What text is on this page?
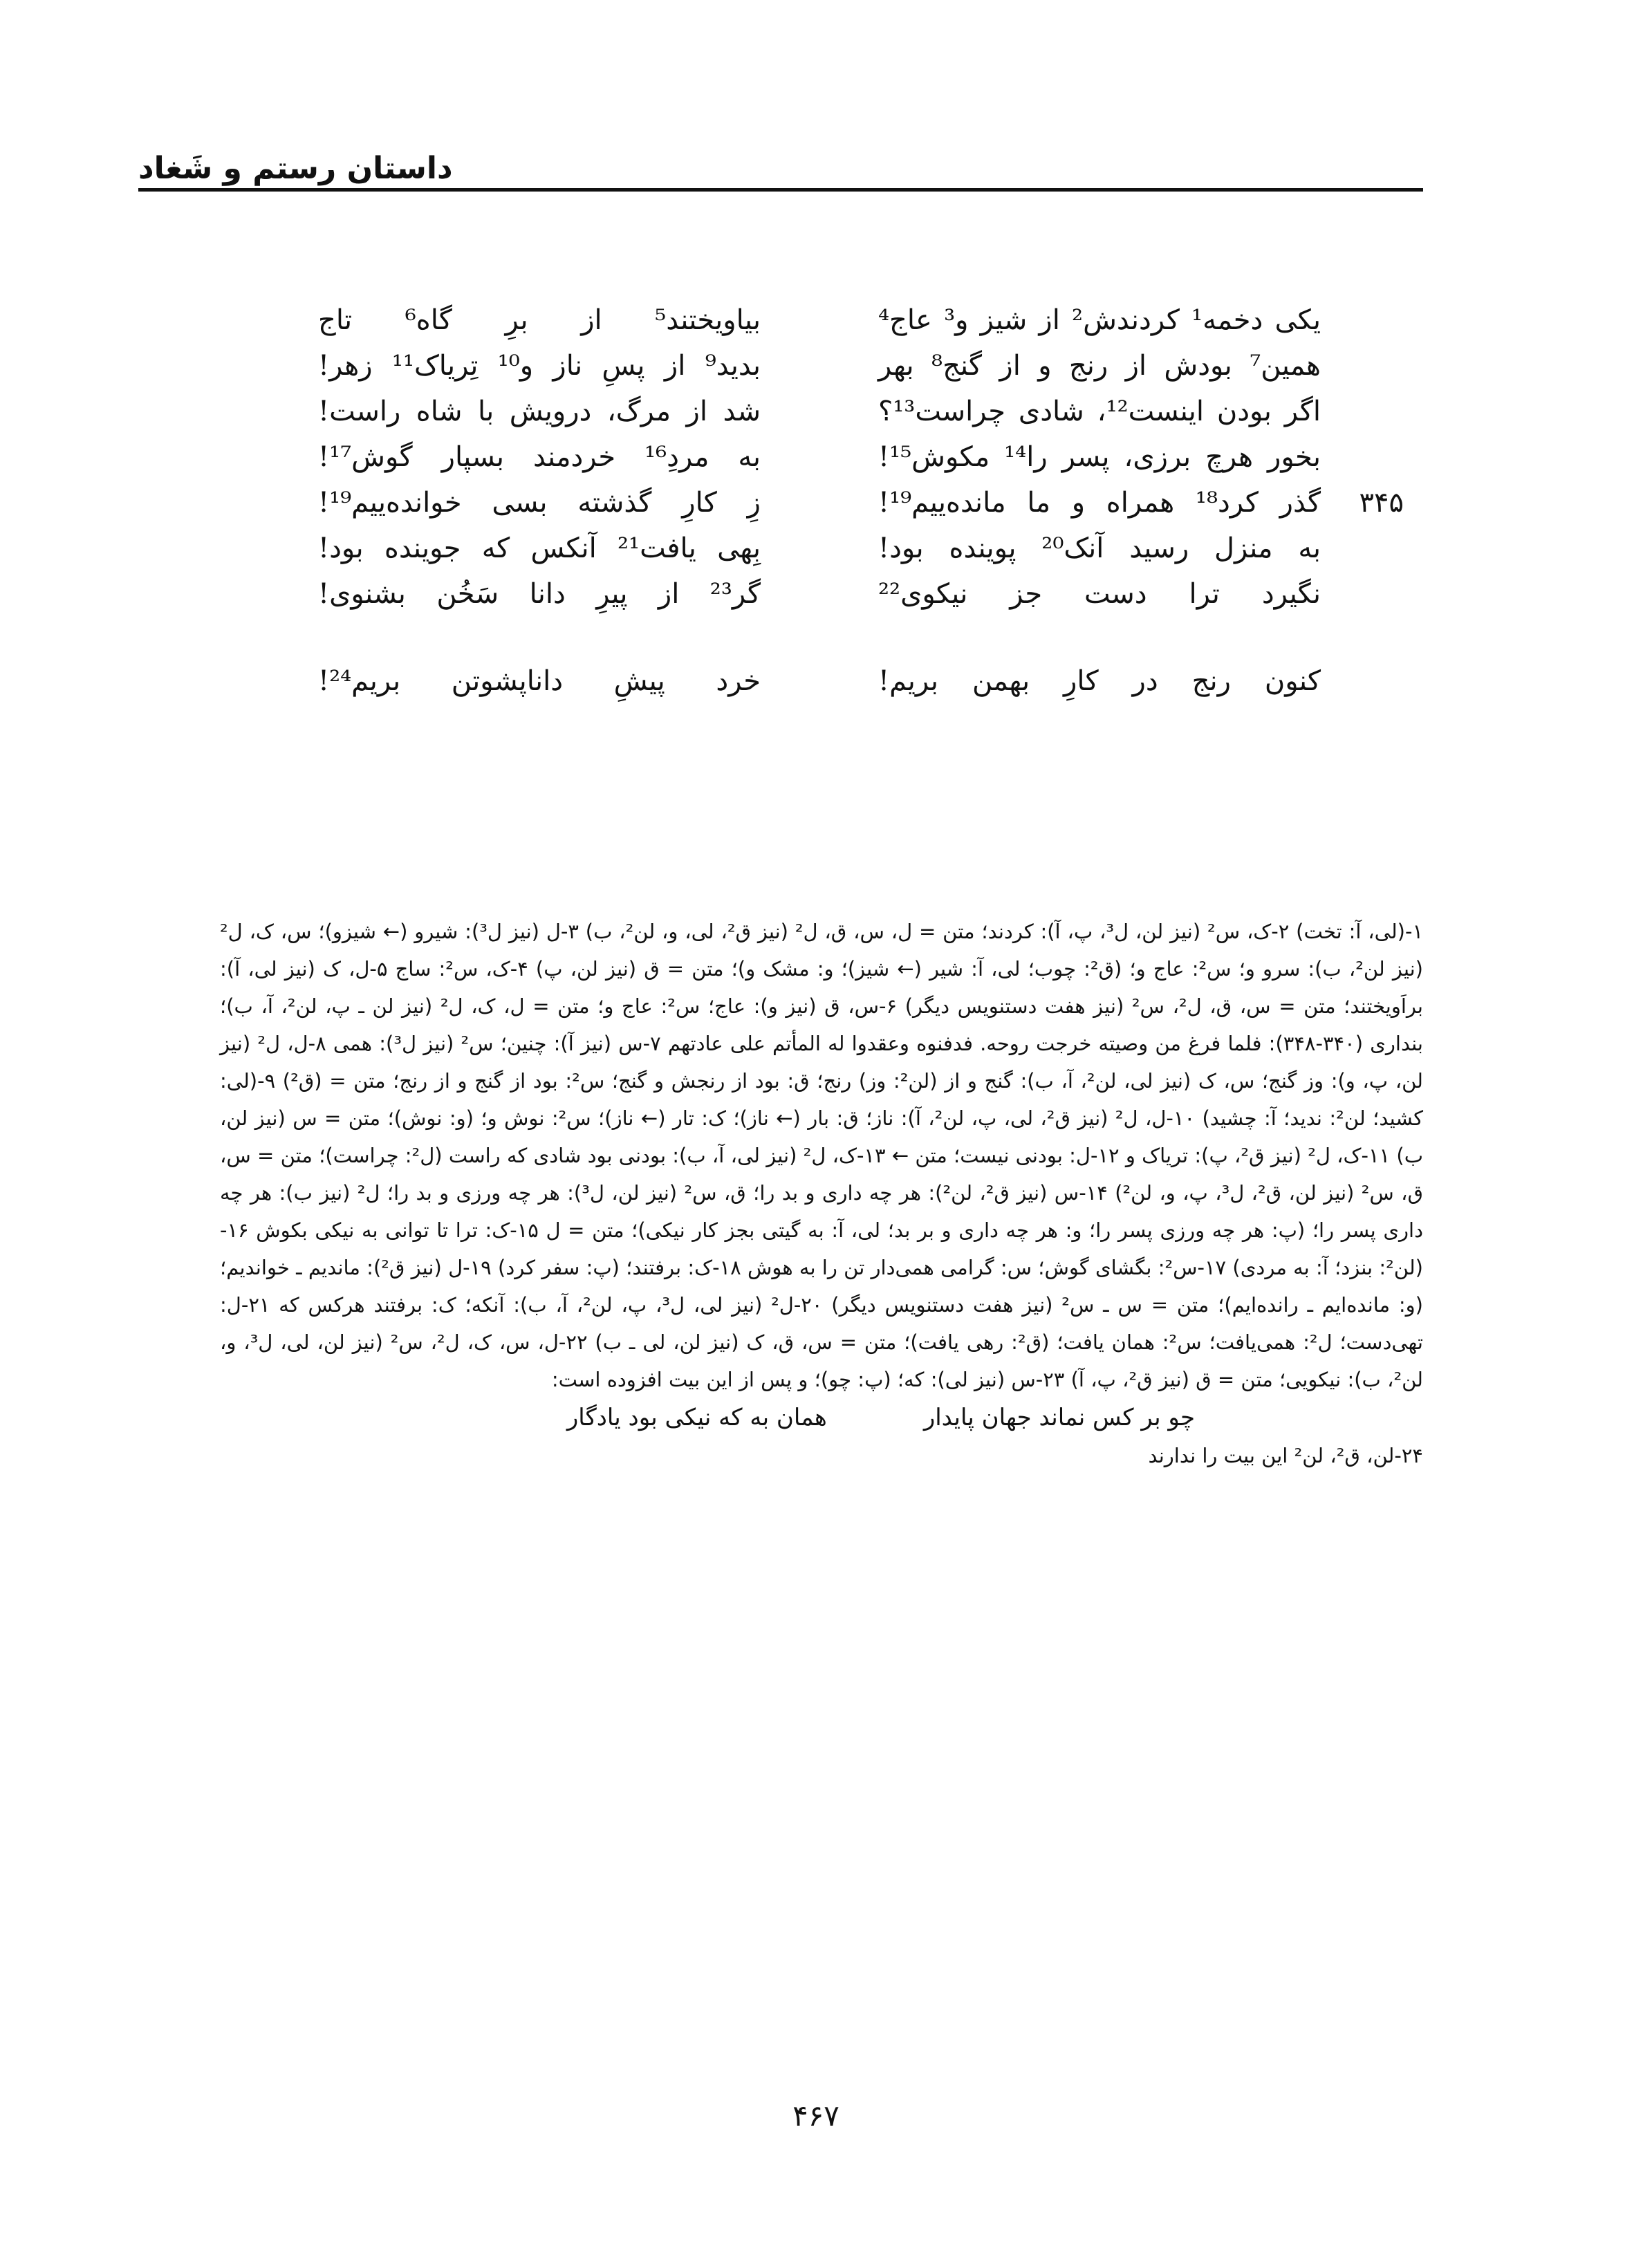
داستان رستم و شَغاد
یکی دخمه¹ کردندش² از شیز و³ عاج⁴
بیاویختند⁵ از برِ گاه⁶ تاج
همین⁷ بودش از رنج و از گنج⁸ بهر
بدید⁹ از پسِ ناز و¹⁰ تِریاک¹¹ زهر!
اگر بودن اینست¹²، شادی چراست¹³؟
شد از مرگ، درویش با شاه راست!
بخور هرچ برزی، پسر را¹⁴ مکوش¹⁵!
به مردِ¹⁶ خردمند بسپار گوش¹⁷!
۳۴۵
گذر کرد¹⁸ همراه و ما مانده‌ییم¹⁹!
زِ کارِ گذشته بسی خوانده‌ییم¹⁹!
به منزل رسید آنک²⁰ پوینده بود!
بِهی یافت²¹ آنکس که جوینده بود!
نگیرد ترا دست جز نیکوی²²
گر²³ از پیرِ دانا سَخُن بشنوی!
کنون رنج در کارِ بهمن بریم!
خرد پیشِ داناپشوتن بریم²⁴!

۱-(لی، آ: تخت) ۲-ک، س² (نیز لن، ل³، پ، آ): کردند؛ متن = ل، س، ق، ل² (نیز ق²، لی، و، لن²، ب) ۳-ل (نیز ل³): شیرو (← شیزو)؛ س، ک، ل² (نیز لن²، ب): سرو و؛ س²: عاج و؛ (ق²: چوب؛ لی، آ: شیر (← شیز)؛ و: مشک و)؛ متن = ق (نیز لن، پ) ۴-ک، س²: ساج ۵-ل، ک (نیز لی، آ): براَویختند؛ متن = س، ق، ل²، س² (نیز هفت دستنویس دیگر) ۶-س، ق (نیز و): عاج؛ س²: عاج و؛ متن = ل، ک، ل² (نیز لن ـ پ، لن²، آ، ب)؛ بنداری (۳۴۰-۳۴۸): فلما فرغ من وصیته خرجت روحه. فدفنوه وعقدوا له المأتم علی عادتهم ۷-س (نیز آ): چنین؛ س² (نیز ل³): همی ۸-ل، ل² (نیز لن، پ، و): وز گنج؛ س، ک (نیز لی، لن²، آ، ب): گنج و از (لن²: وز) رنج؛ ق: بود از رنجش و گنج؛ س²: بود از گنج و از رنج؛ متن = (ق²) ۹-(لی: کشید؛ لن²: ندید؛ آ: چشید) ۱۰-ل، ل² (نیز ق²، لی، پ، لن²، آ): ناز؛ ق: بار (← ناز)؛ ک: تار (← ناز)؛ س²: نوش و؛ (و: نوش)؛ متن = س (نیز لن، ب) ۱۱-ک، ل² (نیز ق²، پ): تریاک و ۱۲-ل: بودنی نیست؛ متن ← ۱۳-ک، ل² (نیز لی، آ، ب): بودنی بود شادی که راست (ل²: چراست)؛ متن = س، ق، س² (نیز لن، ق²، ل³، پ، و، لن²) ۱۴-س (نیز ق²، لن²): هر چه داری و بد را؛ ق، س² (نیز لن، ل³): هر چه ورزی و بد را؛ ل² (نیز ب): هر چه داری پسر را؛ (پ: هر چه ورزی پسر را؛ و: هر چه داری و بر بد؛ لی، آ: به گیتی بجز کار نیکی)؛ متن = ل ۱۵-ک: ترا تا توانی به نیکی بکوش ۱۶-(لن²: بنزد؛ آ: به مردی) ۱۷-س²: بگشای گوش؛ س: گرامی همی‌دار تن را به هوش ۱۸-ک: برفتند؛ (پ: سفر کرد) ۱۹-ل (نیز ق²): ماندیم ـ خواندیم؛ (و: مانده‌ایم ـ رانده‌ایم)؛ متن = س ـ س² (نیز هفت دستنویس دیگر) ۲۰-ل² (نیز لی، ل³، پ، لن²، آ، ب): آنکه؛ ک: برفتند هرکس که ۲۱-ل: تهی‌دست؛ ل²: همی‌یافت؛ س²: همان یافت؛ (ق²: رهی یافت)؛ متن = س، ق، ک (نیز لن، لی ـ ب) ۲۲-ل، س، ک، ل²، س² (نیز لن، لی، ل³، و، لن²، ب): نیکویی؛ متن = ق (نیز ق²، پ، آ) ۲۳-س (نیز لی): که؛ (پ: چو)؛ و پس از این بیت افزوده است:

چو بر کس نماند جهان پایدار
همان به که نیکی بود یادگار

۲۴-لن، ق²، لن² این بیت را ندارند

۴۶۷
